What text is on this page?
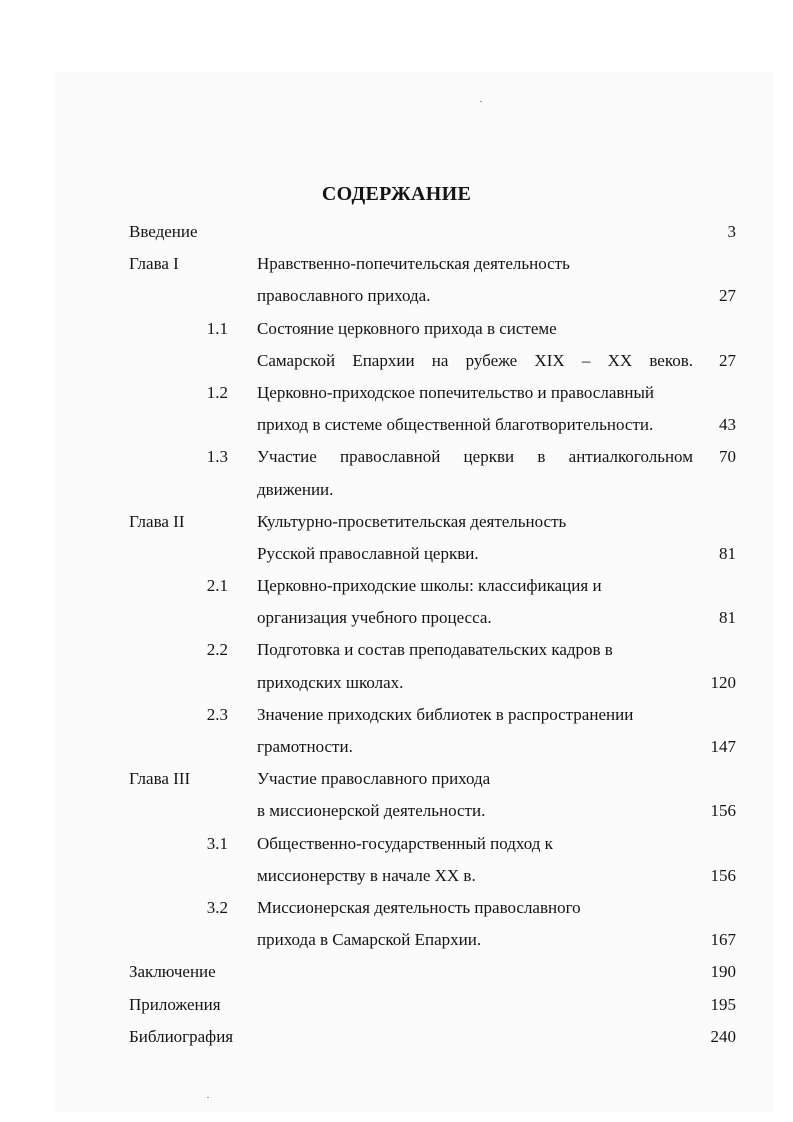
СОДЕРЖАНИЕ
Введение	3
Глава I	Нравственно-попечительская деятельность
православного прихода.	27
1.1 Состояние церковного прихода в системе
Самарской Епархии на рубеже XIX – XX веков.	27
1.2 Церковно-приходское попечительство и православный
приход в системе общественной благотворительности.	43
1.3 Участие православной церкви в антиалкогольном	70
движении.
Глава II	Культурно-просветительская деятельность
Русской православной церкви.	81
2.1 Церковно-приходские школы: классификация и
организация учебного процесса.	81
2.2 Подготовка и состав преподавательских кадров в
приходских школах.	120
2.3 Значение приходских библиотек в распространении
грамотности.	147
Глава III	Участие православного прихода
в миссионерской деятельности.	156
3.1 Общественно-государственный подход к
миссионерству в начале XX в.	156
3.2 Миссионерская деятельность православного
прихода в Самарской Епархии.	167
Заключение	190
Приложения	195
Библиография	240
